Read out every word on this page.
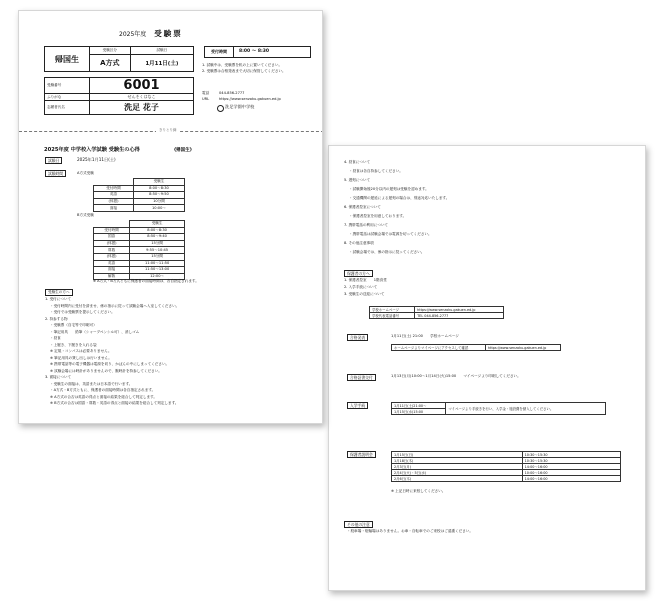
4. 昼食について
・昼食は各自持参してください。
5. 遅刻について
・試験開始後20分以内の遅刻は受験を認めます。
・交通機関の遅延による遅刻の場合は、別途対応いたします。
6. 保護者控室について
・保護者控室を用意しております。
7. 携帯電話の利用について
・携帯電話は試験会場では電源を切ってください。
8. その他注意事項
・試験会場では、係の指示に従ってください。
保護者の方へ
1. 保護者控室　　1階食堂
2. 入学手続について
3. 受験生の送迎について
学校ホームページ	https://www.senzoku-gakuen.ed.jp
学校代表電話番号	TEL 044-856-2777
合格発表	1月11日(土) 21:00　　学校ホームページ
ホームページよりマイページにアクセスして確認	https://www.senzoku-gakuen.ed.jp
合格証書交付	1月13日(月)10:00～1月14日(火)15:00　　マイページより印刷してください。
入学手続	1月11日(土)21:00～	マイページより手続きを行い、入学金・施設費を納入してください。
1月15日(水)15:00
保護者説明会	1月15日(日)	10:30～15:30
1月18日(木)	10:30～15:30
2月3日(月)	14:00～16:00
2月4日(火)・5日(水)	10:00～16:00
2月6日(木)	14:00～16:00
※ 上記日時に来校してください。
その他の注意
・駐車場・駐輪場はありません。お車・自転車でのご来校はご遠慮ください。
2025年度 受験票
帰国生	受験区分	試験日
	A方式	1月11日(土)

受験番号	6001	
ふりがな	せんそくはなこ	
志願者氏名	洗足 花子	
受付時間	8:00 ～ 8:30
1. 試験中は、受験票を机の上に置いてください。
2. 受験票は合格発表まで大切に保管してください。
電話	044-856-2777
URL	https://www.senzoku-gakuen.ed.jp
洗足学園中学校
きりとり線
2025年度 中学校入学試験 受験生の心得	《帰国生》
試験日	2025年1月11日(土)
試験時間	A方式受験
	受験生
受付時間	8:00～8:30
英語	8:50～9:50
(休憩)	10分間
面接	10:00～
B方式受験
	受験生
受付時間	8:00～8:30
国語	8:50～9:40
(休憩)	15分間
算数	9:55～10:45
(休憩)	15分間
英語	11:00～11:50
面接	11:50～13:00
解散	12:00～
※ A方式・B方式ともに保護者の面接時間は、各自指定されます。
受験生の方へ
1. 受付について
・受付時間内に受付を済ませ、係の指示に従って試験会場へ入室してください。
・受付では受験票を提示してください。
2. 持参する物
・受験票（自宅等で印刷可）
・筆記用具　　鉛筆（シャープペンシル可）、消しゴム
・昼食
・上履き、下履きを入れる袋
※ 定規・コンパスは必要ありません。
※ 筆記用具の貸し出しは行いません。
※ 携帯電話等の電子機器は電源を切り、かばんの中にしまってください。
※ 試験会場には時計がありませんので、腕時計を持参してください。
3. 面接について
・受験生の面接は、英語または日本語で行います。
・A方式・B方式ともに、保護者の面接時間は各自指定されます。
※ A方式の合否は英語の得点と面接の結果を総合して判定します。
※ B方式の合否は国語・算数・英語の得点と面接の結果を総合して判定します。
